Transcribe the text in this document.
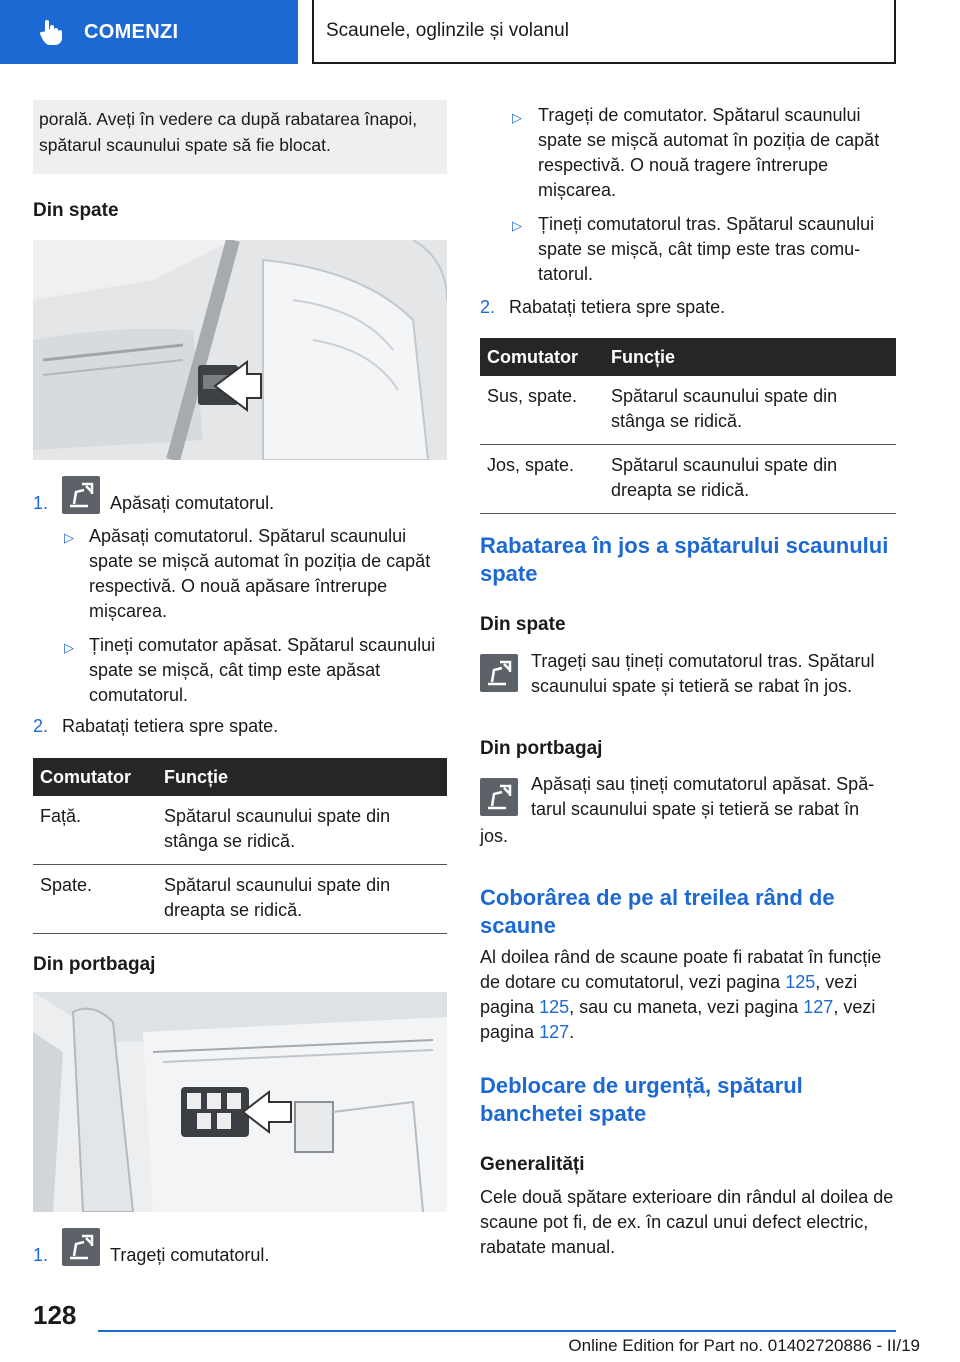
COMENZI	Scaunele, oglinzile și volanul
porală. Aveți în vedere ca după rabatarea înapoi, spătarul scaunului spate să fie blocat.
Din spate
1.	Apăsați comutatorul.
▷ Apăsați comutatorul. Spătarul scaunului spate se mișcă automat în poziția de capăt respectivă. O nouă apăsare întrerupe mișcarea.
▷ Țineți comutator apăsat. Spătarul scaunului spate se mișcă, cât timp este apăsat comutatorul.
2. Rabatați tetiera spre spate.
Comutator	Funcție
Față.	Spătarul scaunului spate din stânga se ridică.
Spate.	Spătarul scaunului spate din dreapta se ridică.
Din portbagaj
1.	Trageți comutatorul.
▷ Trageți de comutator. Spătarul scaunului spate se mișcă automat în poziția de capăt respectivă. O nouă tragere întrerupe mișcarea.
▷ Țineți comutatorul tras. Spătarul scaunului spate se mișcă, cât timp este tras comutatorul.
2. Rabatați tetiera spre spate.
Comutator	Funcție
Sus, spate.	Spătarul scaunului spate din stânga se ridică.
Jos, spate.	Spătarul scaunului spate din dreapta se ridică.
Rabatarea în jos a spătarului scaunului spate
Din spate
Trageți sau țineți comutatorul tras. Spătarul scaunului spate și tetieră se rabat în jos.
Din portbagaj
Apăsați sau țineți comutatorul apăsat. Spătarul scaunului spate și tetieră se rabat în
jos.
Coborârea de pe al treilea rând de scaune
Al doilea rând de scaune poate fi rabatat în funcție de dotare cu comutatorul, vezi pagina 125, vezi pagina 125, sau cu maneta, vezi pagina 127, vezi pagina 127.
Deblocare de urgență, spătarul banchetei spate
Generalități
Cele două spătare exterioare din rândul al doilea de scaune pot fi, de ex. în cazul unui defect electric, rabatate manual.
128
Online Edition for Part no. 01402720886 - II/19
